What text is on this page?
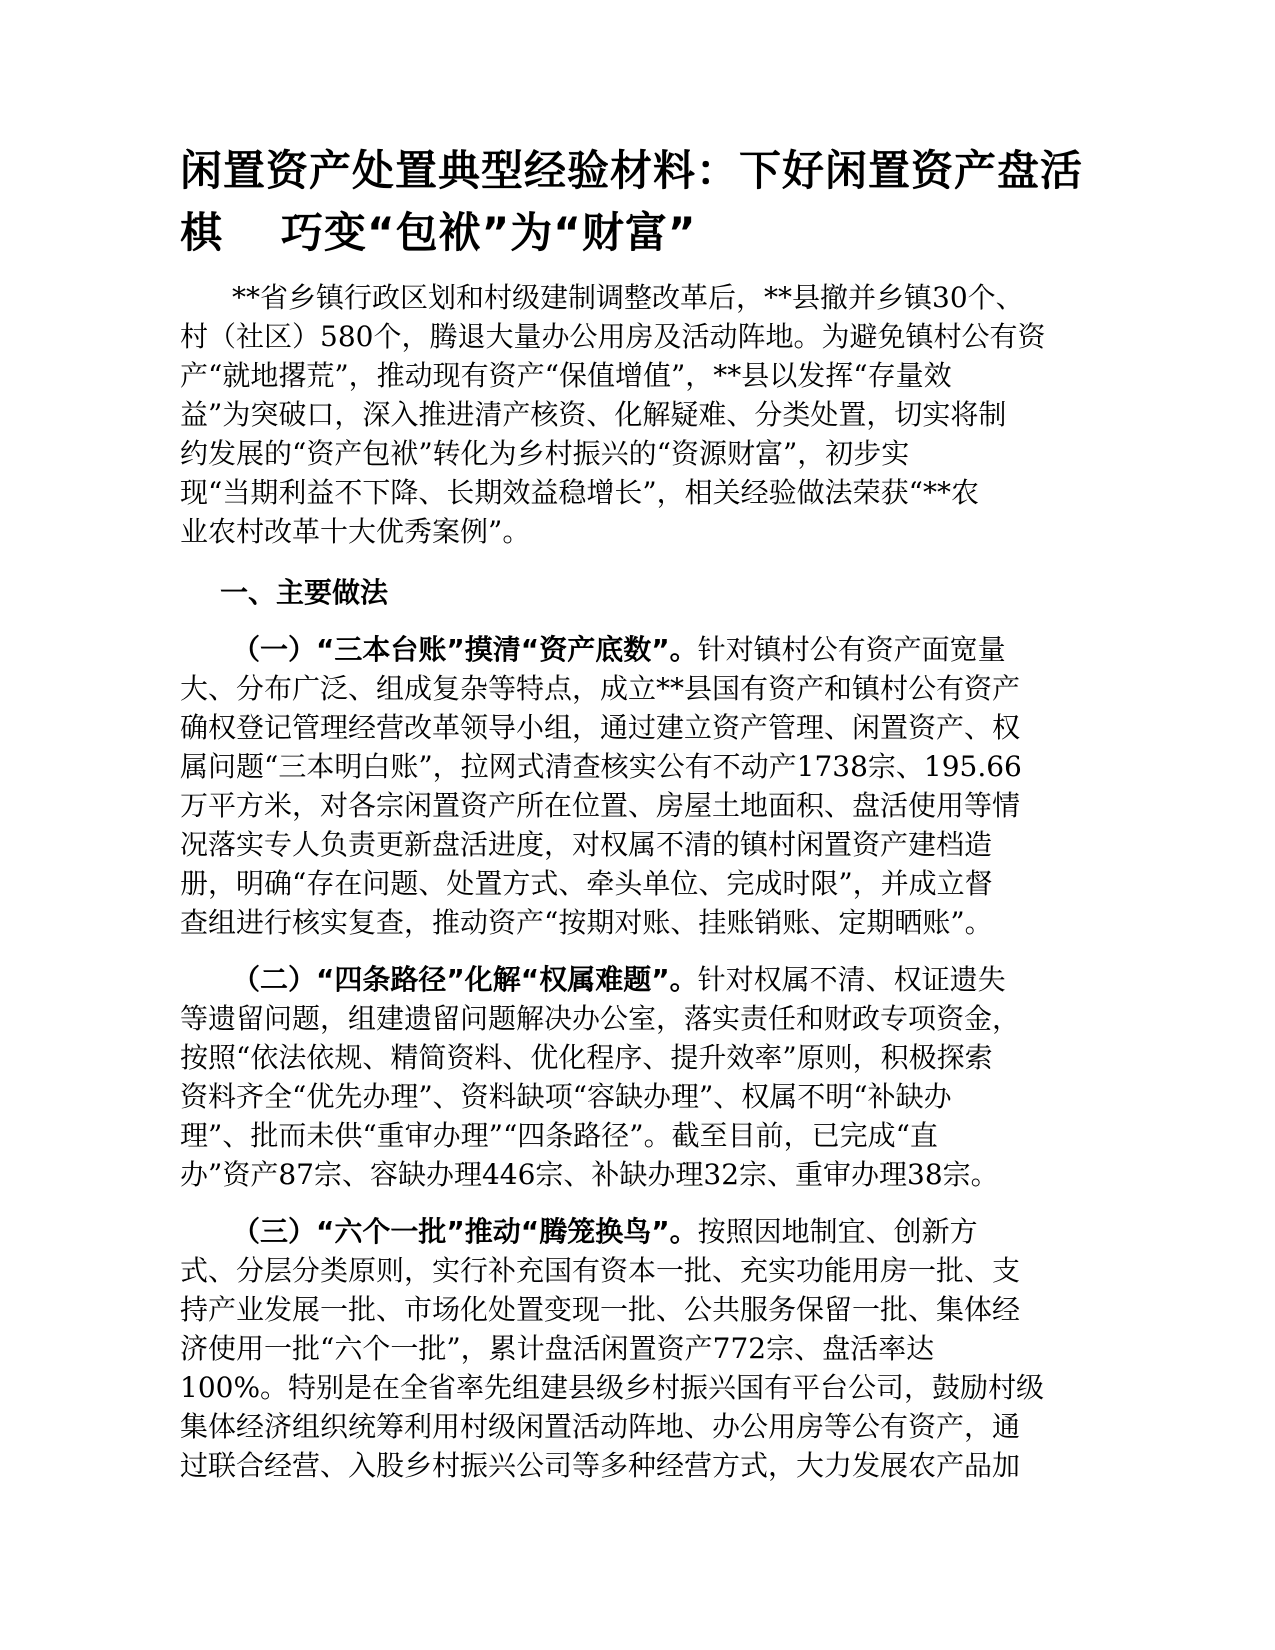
闲置资产处置典型经验材料：下好闲置资产盘活
棋 巧变“包袱”为“财富”
**省乡镇行政区划和村级建制调整改革后，**县撤并乡镇30个、
村（社区）580个，腾退大量办公用房及活动阵地。为避免镇村公有资
产“就地撂荒”，推动现有资产“保值增值”，**县以发挥“存量效
益”为突破口，深入推进清产核资、化解疑难、分类处置，切实将制
约发展的“资产包袱”转化为乡村振兴的“资源财富”，初步实
现“当期利益不下降、长期效益稳增长”，相关经验做法荣获“**农
业农村改革十大优秀案例”。
一、主要做法
（一）“三本台账”摸清“资产底数”。针对镇村公有资产面宽量
大、分布广泛、组成复杂等特点，成立**县国有资产和镇村公有资产
确权登记管理经营改革领导小组，通过建立资产管理、闲置资产、权
属问题“三本明白账”，拉网式清查核实公有不动产1738宗、195.66
万平方米，对各宗闲置资产所在位置、房屋土地面积、盘活使用等情
况落实专人负责更新盘活进度，对权属不清的镇村闲置资产建档造
册，明确“存在问题、处置方式、牵头单位、完成时限”，并成立督
查组进行核实复查，推动资产“按期对账、挂账销账、定期晒账”。
（二）“四条路径”化解“权属难题”。针对权属不清、权证遗失
等遗留问题，组建遗留问题解决办公室，落实责任和财政专项资金，
按照“依法依规、精简资料、优化程序、提升效率”原则，积极探索
资料齐全“优先办理”、资料缺项“容缺办理”、权属不明“补缺办
理”、批而未供“重审办理”“四条路径”。截至目前，已完成“直
办”资产87宗、容缺办理446宗、补缺办理32宗、重审办理38宗。
（三）“六个一批”推动“腾笼换鸟”。按照因地制宜、创新方
式、分层分类原则，实行补充国有资本一批、充实功能用房一批、支
持产业发展一批、市场化处置变现一批、公共服务保留一批、集体经
济使用一批“六个一批”，累计盘活闲置资产772宗、盘活率达
100%。特别是在全省率先组建县级乡村振兴国有平台公司，鼓励村级
集体经济组织统筹利用村级闲置活动阵地、办公用房等公有资产，通
过联合经营、入股乡村振兴公司等多种经营方式，大力发展农产品加
